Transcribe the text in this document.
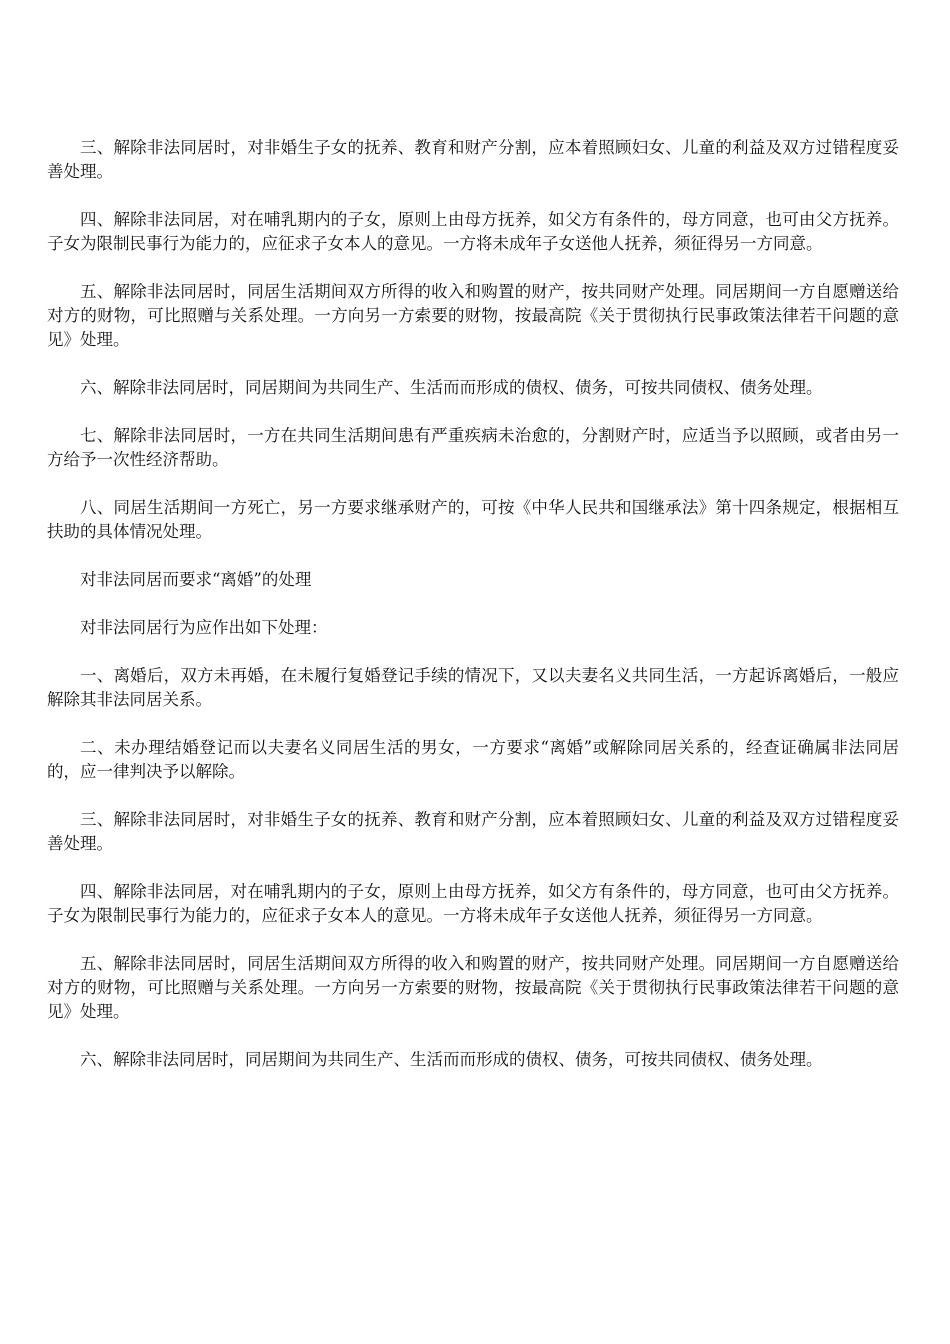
三、解除非法同居时，对非婚生子女的抚养、教育和财产分割，应本着照顾妇女、儿童的利益及双方过错程度妥善处理。

四、解除非法同居，对在哺乳期内的子女，原则上由母方抚养，如父方有条件的，母方同意，也可由父方抚养。子女为限制民事行为能力的，应征求子女本人的意见。一方将未成年子女送他人抚养，须征得另一方同意。

五、解除非法同居时，同居生活期间双方所得的收入和购置的财产，按共同财产处理。同居期间一方自愿赠送给对方的财物，可比照赠与关系处理。一方向另一方索要的财物，按最高院《关于贯彻执行民事政策法律若干问题的意见》处理。

六、解除非法同居时，同居期间为共同生产、生活而而形成的债权、债务，可按共同债权、债务处理。

七、解除非法同居时，一方在共同生活期间患有严重疾病未治愈的，分割财产时，应适当予以照顾，或者由另一方给予一次性经济帮助。

八、同居生活期间一方死亡，另一方要求继承财产的，可按《中华人民共和国继承法》第十四条规定，根据相互扶助的具体情况处理。

对非法同居而要求“离婚”的处理

对非法同居行为应作出如下处理：

一、离婚后，双方未再婚，在未履行复婚登记手续的情况下，又以夫妻名义共同生活，一方起诉离婚后，一般应解除其非法同居关系。

二、未办理结婚登记而以夫妻名义同居生活的男女，一方要求“离婚”或解除同居关系的，经查证确属非法同居的，应一律判决予以解除。

三、解除非法同居时，对非婚生子女的抚养、教育和财产分割，应本着照顾妇女、儿童的利益及双方过错程度妥善处理。

四、解除非法同居，对在哺乳期内的子女，原则上由母方抚养，如父方有条件的，母方同意，也可由父方抚养。子女为限制民事行为能力的，应征求子女本人的意见。一方将未成年子女送他人抚养，须征得另一方同意。

五、解除非法同居时，同居生活期间双方所得的收入和购置的财产，按共同财产处理。同居期间一方自愿赠送给对方的财物，可比照赠与关系处理。一方向另一方索要的财物，按最高院《关于贯彻执行民事政策法律若干问题的意见》处理。

六、解除非法同居时，同居期间为共同生产、生活而而形成的债权、债务，可按共同债权、债务处理。
